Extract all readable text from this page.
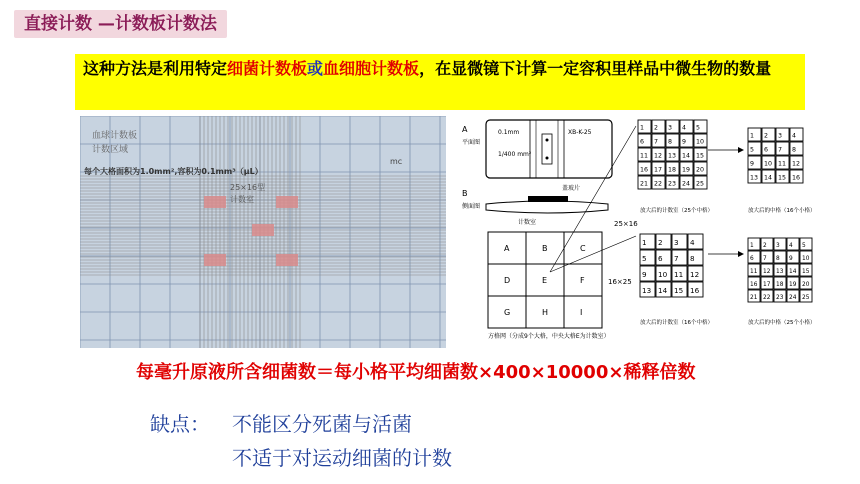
直接计数 —计数板计数法
这种方法是利用特定细菌计数板或血细胞计数板，在显微镜下计算一定容积里样品中微生物的数量
血球计数板
计数区域
每个大格面积为1.0mm²,容积为0.1mm³（μL）
mc
25×16型
计数室
A
平面图
0.1mm	XB-K-25
1/400 mm²
B
侧面图
盖玻片
计数室
A	B	C
D	E	F
G	H	I
方格网（分成9个大格，中央大格E为计数室）
25×16
16×25
1 2 3 4 5
6 7 8 9 10
11 12 13 14 15
16 17 18 19 20
21 22 23 24 25
1 2 3 4
5 6 7 8
9 10 11 12
13 14 15 16
1 2 3 4
5 6 7 8
9 10 11 12
13 14 15 16
1 2 3 4 5
6 7 8 9 10
11 12 13 14 15
16 17 18 19 20
21 22 23 24 25
放大后的计数室（25个中格）	放大后的中格（16个小格）
放大后的计数室（16个中格）	放大后的中格（25个小格）
每毫升原液所含细菌数＝每小格平均细菌数×400×10000×稀释倍数
缺点： 不能区分死菌与活菌
不适于对运动细菌的计数
